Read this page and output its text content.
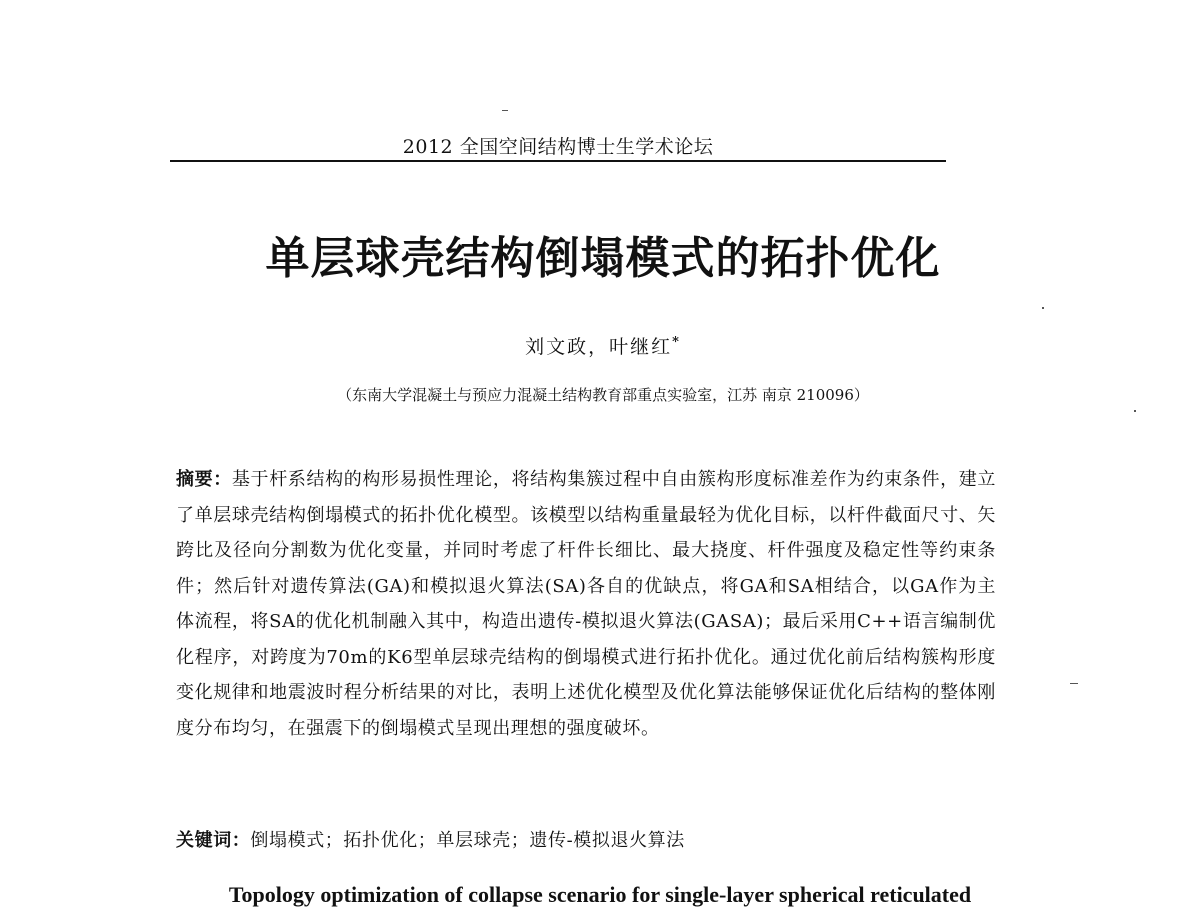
2012 全国空间结构博士生学术论坛
单层球壳结构倒塌模式的拓扑优化
刘文政，叶继红*
（东南大学混凝土与预应力混凝土结构教育部重点实验室，江苏 南京 210096）
摘要：基于杆系结构的构形易损性理论，将结构集簇过程中自由簇构形度标准差作为约束条件，建立了单层球壳结构倒塌模式的拓扑优化模型。该模型以结构重量最轻为优化目标，以杆件截面尺寸、矢跨比及径向分割数为优化变量，并同时考虑了杆件长细比、最大挠度、杆件强度及稳定性等约束条件；然后针对遗传算法(GA)和模拟退火算法(SA)各自的优缺点，将GA和SA相结合，以GA作为主体流程，将SA的优化机制融入其中，构造出遗传-模拟退火算法(GASA)；最后采用C++语言编制优化程序，对跨度为70m的K6型单层球壳结构的倒塌模式进行拓扑优化。通过优化前后结构簇构形度变化规律和地震波时程分析结果的对比，表明上述优化模型及优化算法能够保证优化后结构的整体刚度分布均匀，在强震下的倒塌模式呈现出理想的强度破坏。
关键词：倒塌模式；拓扑优化；单层球壳；遗传-模拟退火算法
Topology optimization of collapse scenario for single-layer spherical reticulated
